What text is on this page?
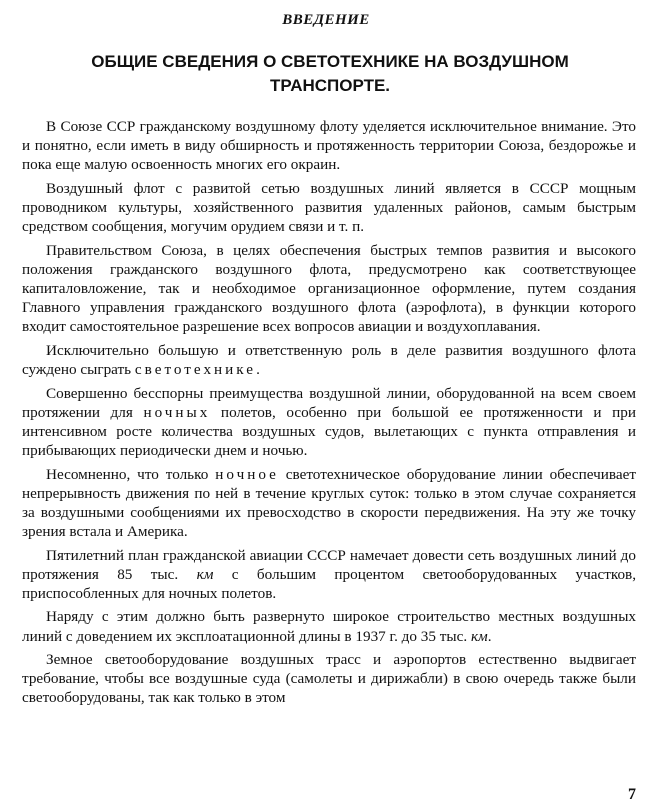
ВВЕДЕНИЕ
ОБЩИЕ СВЕДЕНИЯ О СВЕТОТЕХНИКЕ НА ВОЗДУШНОМ ТРАНСПОРТЕ.

В Союзе ССР гражданскому воздушному флоту уделяется исключительное внимание. Это и понятно, если иметь в виду обширность и протяженность территории Союза, бездорожье и пока еще малую освоенность многих его окраин.

Воздушный флот с развитой сетью воздушных линий является в СССР мощным проводником культуры, хозяйственного развития удаленных районов, самым быстрым средством сообщения, могучим орудием связи и т. п.

Правительством Союза, в целях обеспечения быстрых темпов развития и высокого положения гражданского воздушного флота, предусмотрено как соответствующее капиталовложение, так и необходимое организационное оформление, путем создания Главного управления гражданского воздушного флота (аэрофлота), в функции которого входит самостоятельное разрешение всех вопросов авиации и воздухоплавания.

Исключительно большую и ответственную роль в деле развития воздушного флота суждено сыграть светотехнике.

Совершенно бесспорны преимущества воздушной линии, оборудованной на всем своем протяжении для ночных полетов, особенно при большой ее протяженности и при интенсивном росте количества воздушных судов, вылетающих с пункта отправления и прибывающих периодически днем и ночью.

Несомненно, что только ночное светотехническое оборудование линии обеспечивает непрерывность движения по ней в течение круглых суток: только в этом случае сохраняется за воздушными сообщениями их превосходство в скорости передвижения. На эту же точку зрения встала и Америка.

Пятилетний план гражданской авиации СССР намечает довести сеть воздушных линий до протяжения 85 тыс. км с большим процентом светооборудованных участков, приспособленных для ночных полетов.

Наряду с этим должно быть развернуто широкое строительство местных воздушных линий с доведением их эксплоатационной длины в 1937 г. до 35 тыс. км.

Земное светооборудование воздушных трасс и аэропортов естественно выдвигает требование, чтобы все воздушные суда (самолеты и дирижабли) в свою очередь также были светооборудованы, так как только в этом

7
